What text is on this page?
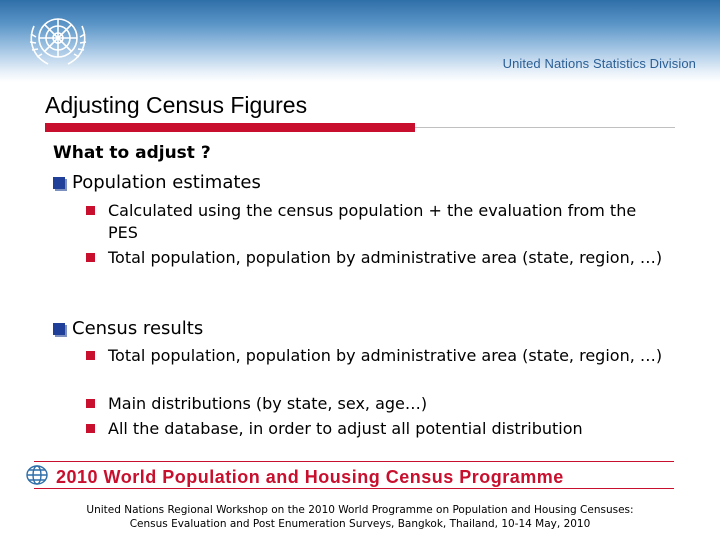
United Nations Statistics Division
Adjusting Census Figures
What to adjust ?
Population estimates
Calculated using the census population + the evaluation from the PES
Total population, population by administrative area (state, region, …)
Census results
Total population, population by administrative area (state, region, …)
Main distributions (by state, sex, age…)
All the database, in order to adjust all potential distribution
2010 World Population and Housing Census Programme
United Nations Regional Workshop on the 2010 World Programme on Population and Housing Censuses:
Census Evaluation and Post Enumeration Surveys, Bangkok, Thailand, 10-14 May, 2010
